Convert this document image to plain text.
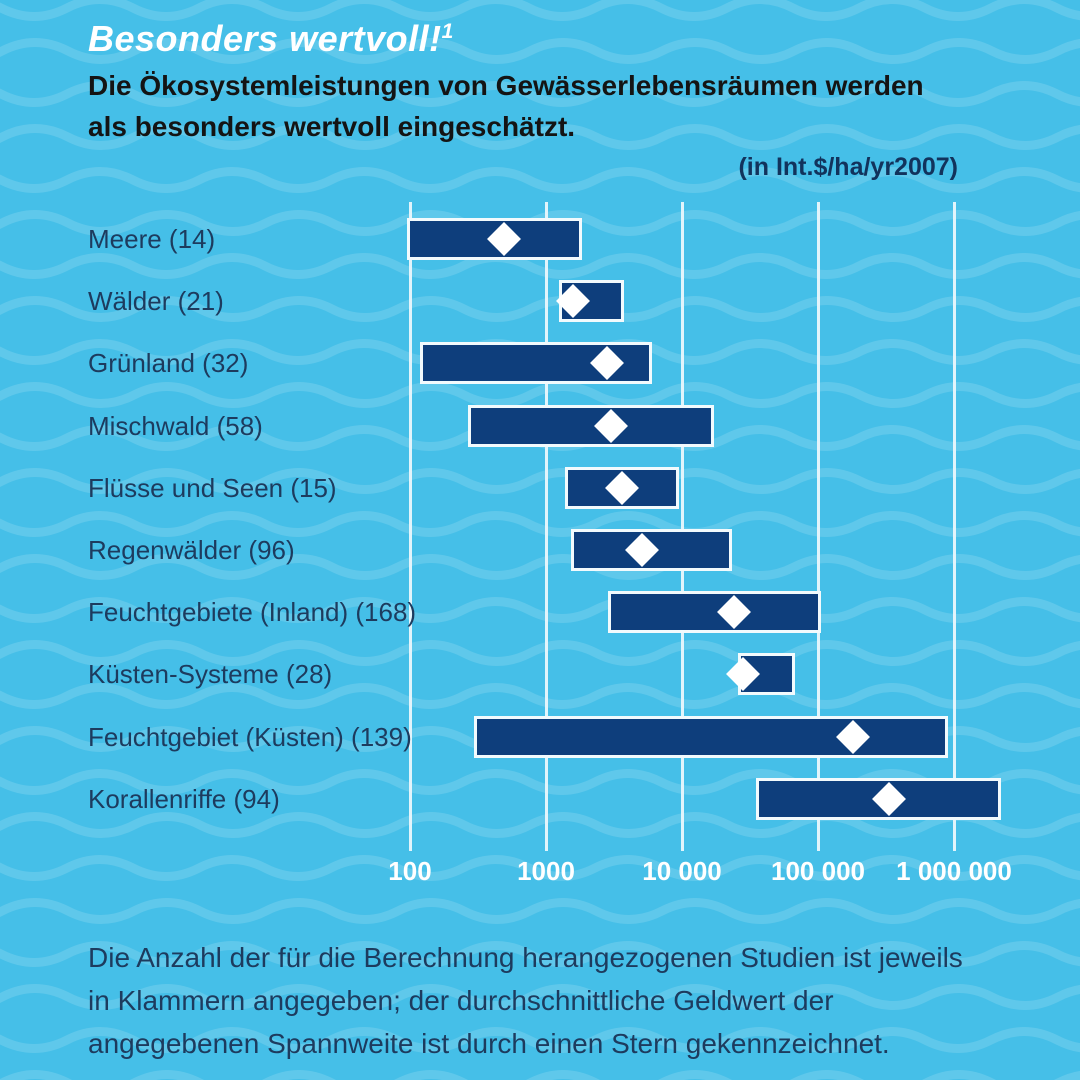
Besonders wertvoll!$^1$
Die Ökosystemleistungen von Gewässerlebensräumen werden
als besonders wertvoll eingeschätzt.
(in Int.$/ha/yr2007)
100	1000	10 000	100 000	1 000 000
Meere (14)
Wälder (21)
Grünland (32)
Mischwald (58)
Flüsse und Seen (15)
Regenwälder (96)
Feuchtgebiete (Inland) (168)
Küsten-Systeme (28)
Feuchtgebiet (Küsten) (139)
Korallenriffe (94)
Die Anzahl der für die Berechnung herangezogenen Studien ist jeweils
in Klammern angegeben; der durchschnittliche Geldwert der
angegebenen Spannweite ist durch einen Stern gekennzeichnet.
